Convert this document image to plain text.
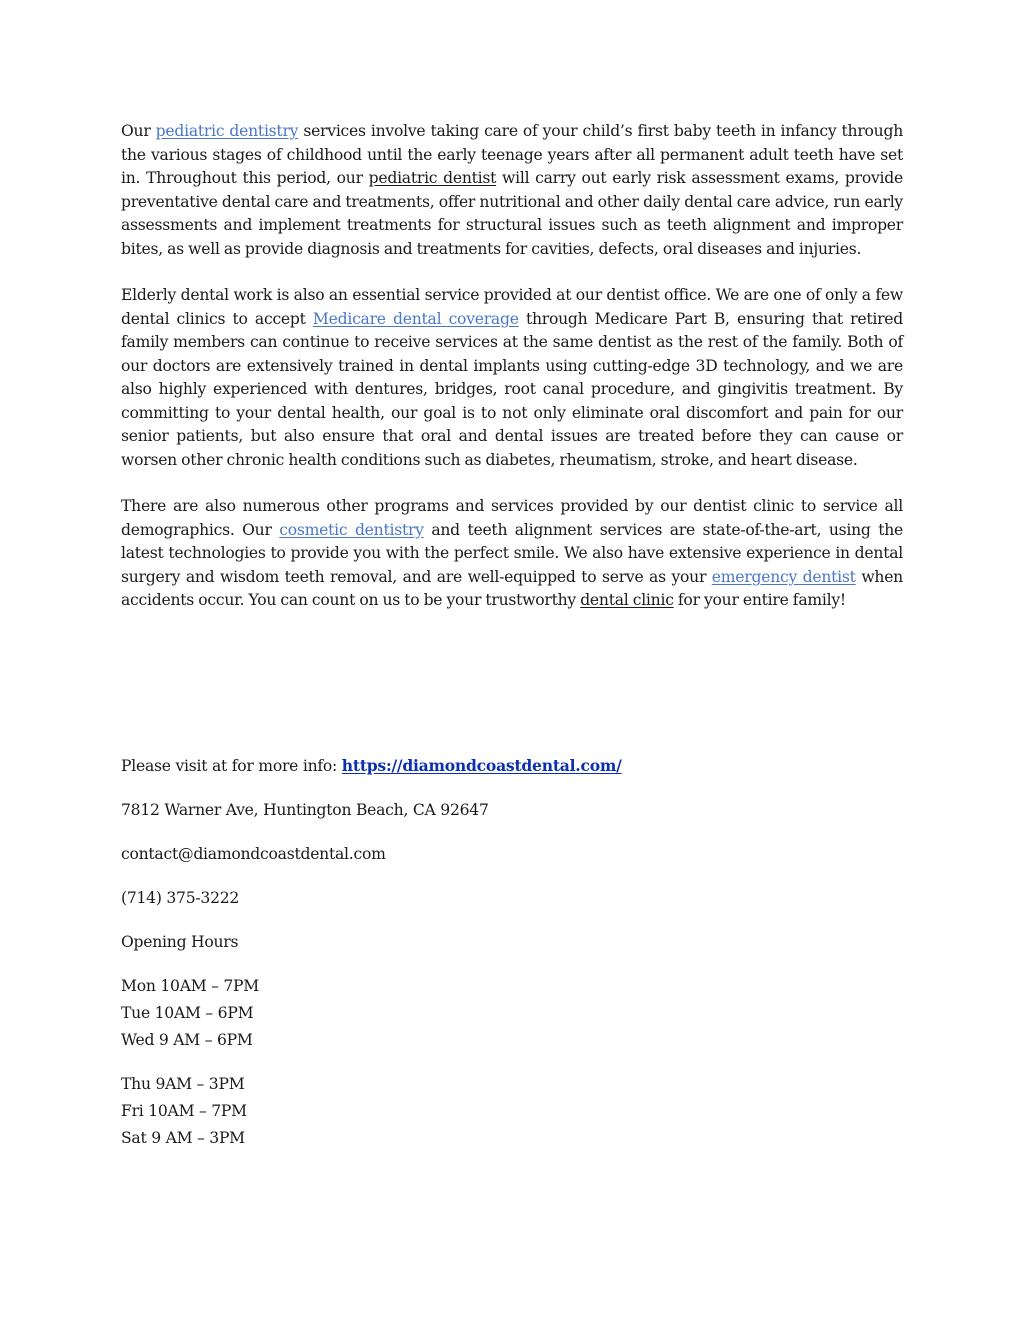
Our pediatric dentistry services involve taking care of your child’s first baby teeth in infancy through the various stages of childhood until the early teenage years after all permanent adult teeth have set in. Throughout this period, our pediatric dentist will carry out early risk assessment exams, provide preventative dental care and treatments, offer nutritional and other daily dental care advice, run early assessments and implement treatments for structural issues such as teeth alignment and improper bites, as well as provide diagnosis and treatments for cavities, defects, oral diseases and injuries.

Elderly dental work is also an essential service provided at our dentist office. We are one of only a few dental clinics to accept Medicare dental coverage through Medicare Part B, ensuring that retired family members can continue to receive services at the same dentist as the rest of the family. Both of our doctors are extensively trained in dental implants using cutting-edge 3D technology, and we are also highly experienced with dentures, bridges, root canal procedure, and gingivitis treatment. By committing to your dental health, our goal is to not only eliminate oral discomfort and pain for our senior patients, but also ensure that oral and dental issues are treated before they can cause or worsen other chronic health conditions such as diabetes, rheumatism, stroke, and heart disease.

There are also numerous other programs and services provided by our dentist clinic to service all demographics. Our cosmetic dentistry and teeth alignment services are state-of-the-art, using the latest technologies to provide you with the perfect smile. We also have extensive experience in dental surgery and wisdom teeth removal, and are well-equipped to serve as your emergency dentist when accidents occur. You can count on us to be your trustworthy dental clinic for your entire family!

Please visit at for more info: https://diamondcoastdental.com/
7812 Warner Ave, Huntington Beach, CA 92647
contact@diamondcoastdental.com
(714) 375-3222
Opening Hours
Mon 10AM – 7PM
Tue 10AM – 6PM
Wed 9 AM – 6PM
Thu 9AM – 3PM
Fri 10AM – 7PM
Sat 9 AM – 3PM
